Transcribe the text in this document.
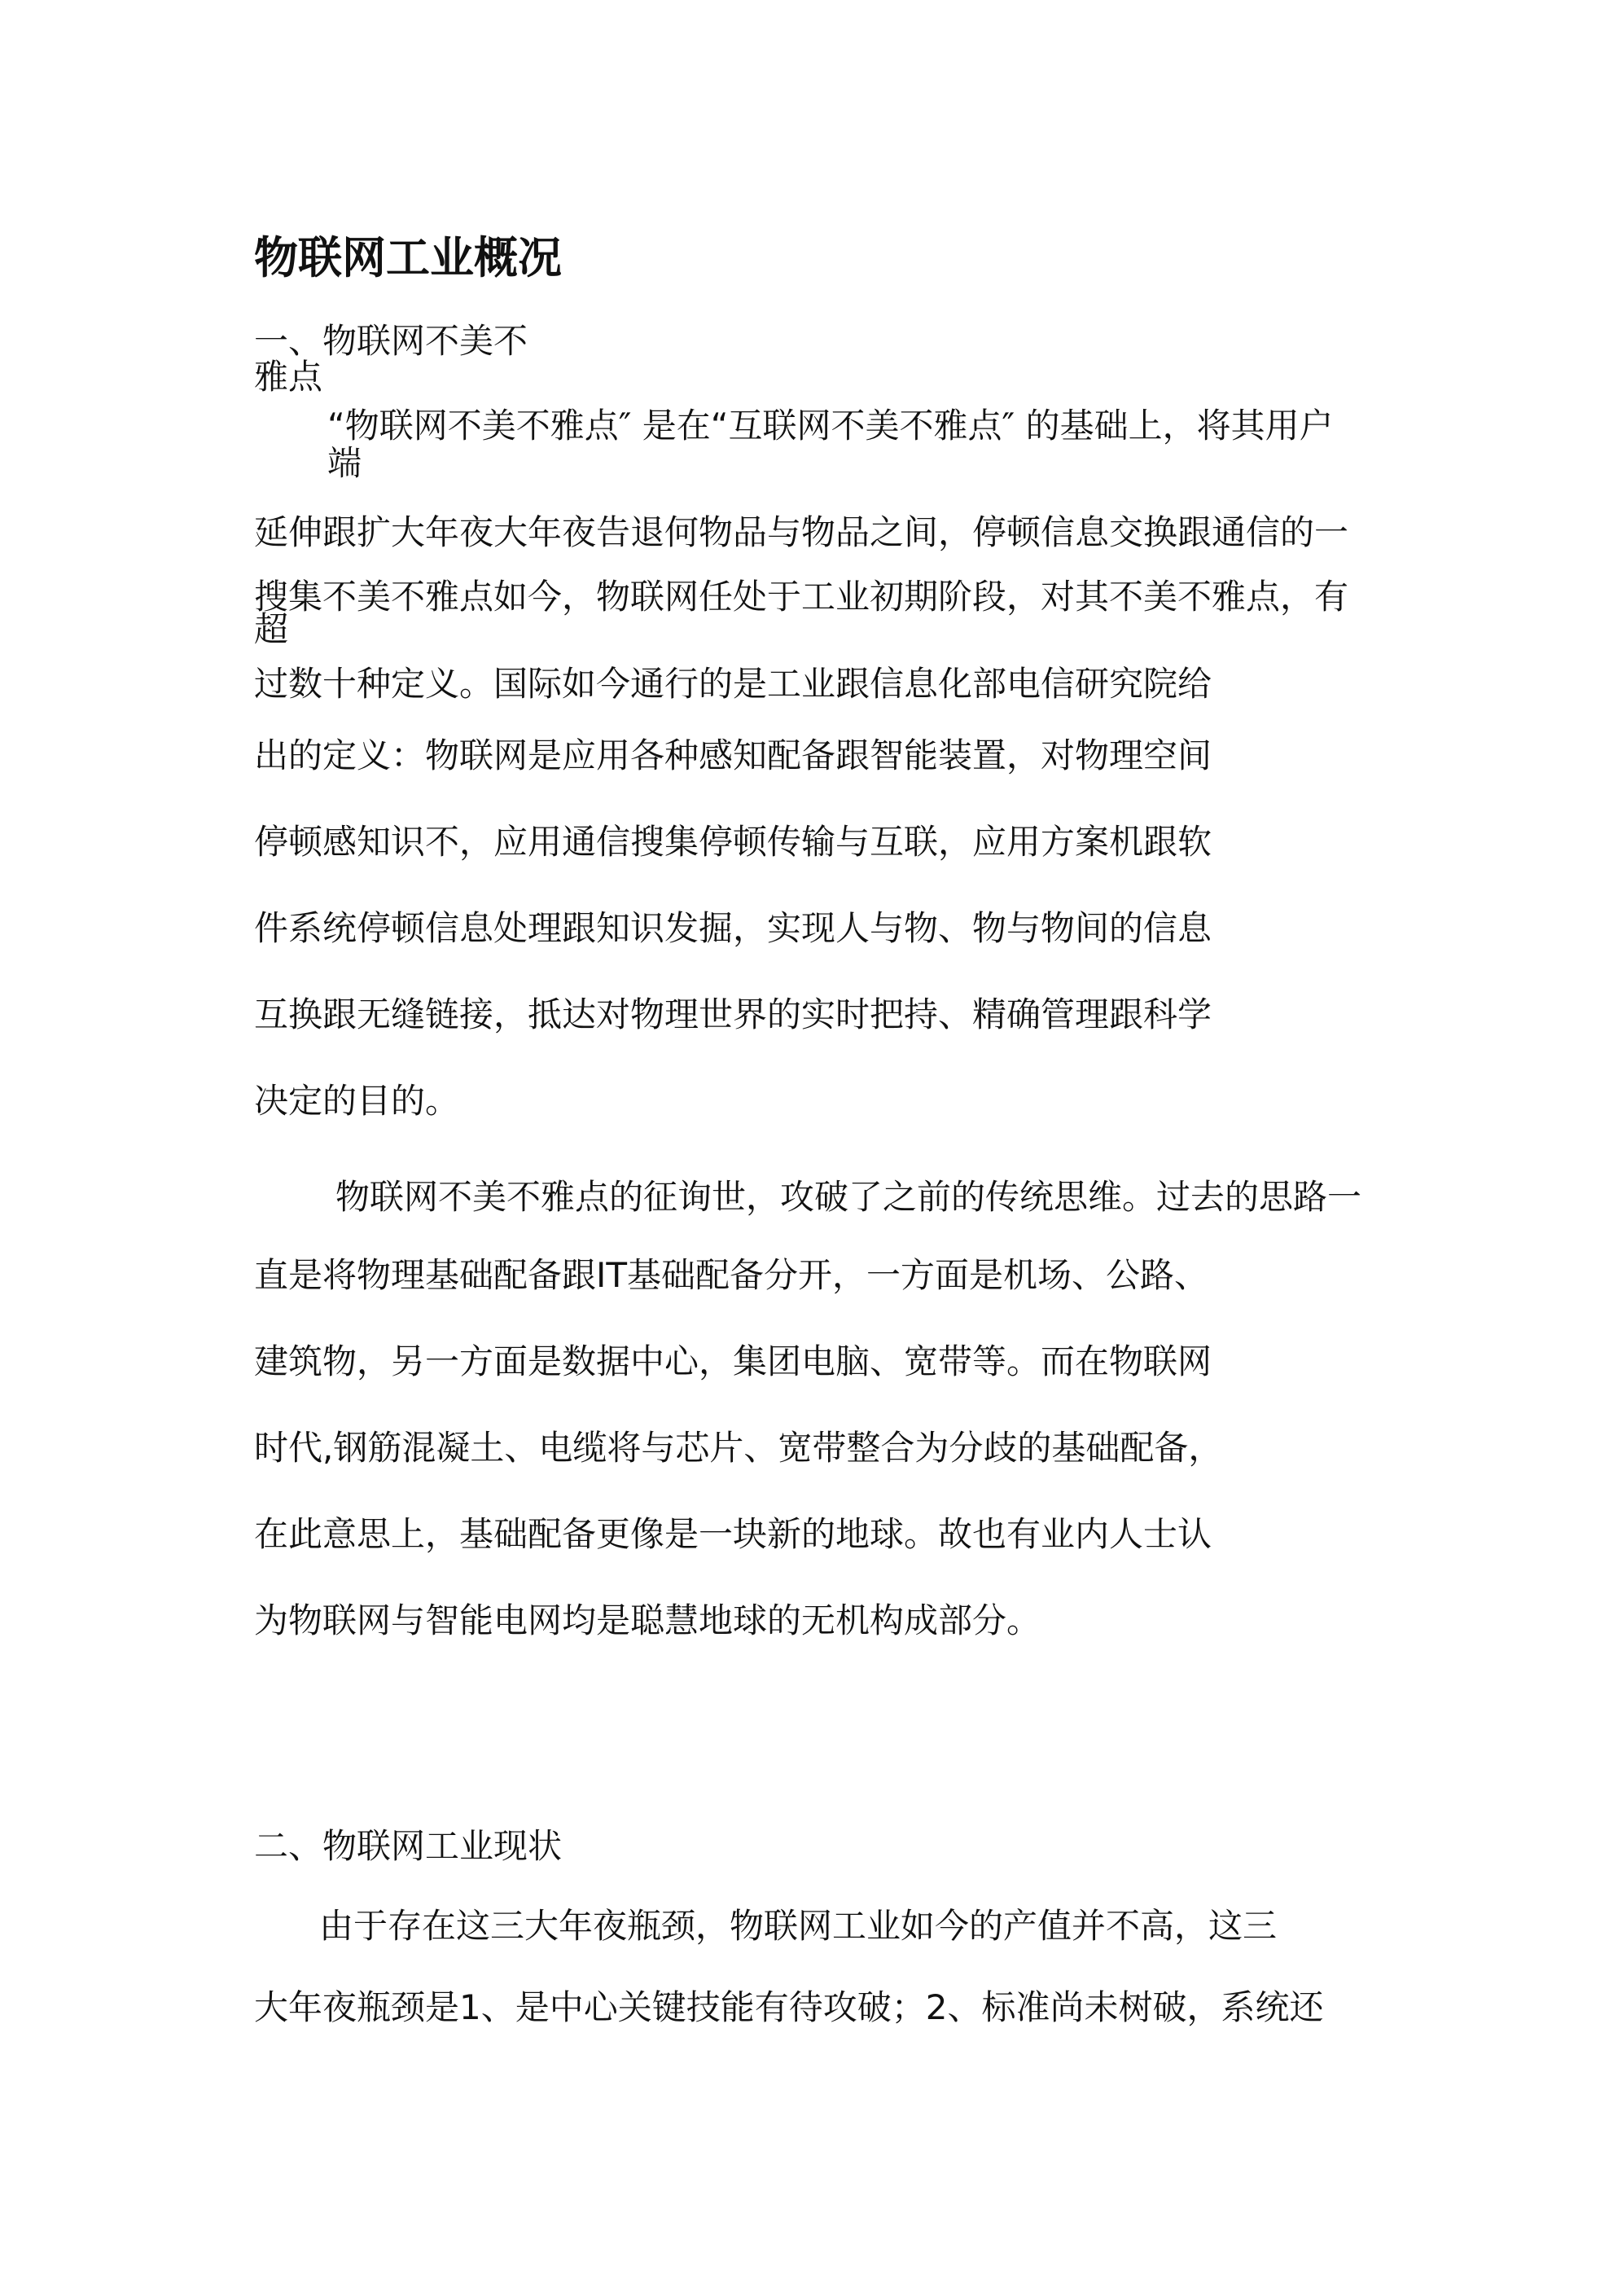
物联网工业概况

一、物联网不美不

雅点

“物联网不美不雅点″ 是在“互联网不美不雅点″ 的基础上，将其用户

端

延伸跟扩大年夜大年夜告退何物品与物品之间，停顿信息交换跟通信的一

搜集不美不雅点如今，物联网任处于工业初期阶段，对其不美不雅点，有

超

过数十种定义。国际如今通行的是工业跟信息化部电信研究院给

出的定义：物联网是应用各种感知配备跟智能装置，对物理空间

停顿感知识不，应用通信搜集停顿传输与互联，应用方案机跟软

件系统停顿信息处理跟知识发掘，实现人与物、物与物间的信息

互换跟无缝链接，抵达对物理世界的实时把持、精确管理跟科学

决定的目的。

物联网不美不雅点的征询世，攻破了之前的传统思维。过去的思路一

直是将物理基础配备跟IT基础配备分开，一方面是机场、公路、

建筑物，另一方面是数据中心，集团电脑、宽带等。而在物联网

时代,钢筋混凝土、电缆将与芯片、宽带整合为分歧的基础配备，

在此意思上，基础配备更像是一块新的地球。故也有业内人士认

为物联网与智能电网均是聪慧地球的无机构成部分。

二、物联网工业现状

由于存在这三大年夜瓶颈，物联网工业如今的产值并不高，这三

大年夜瓶颈是1、是中心关键技能有待攻破；2、标准尚未树破，系统还
